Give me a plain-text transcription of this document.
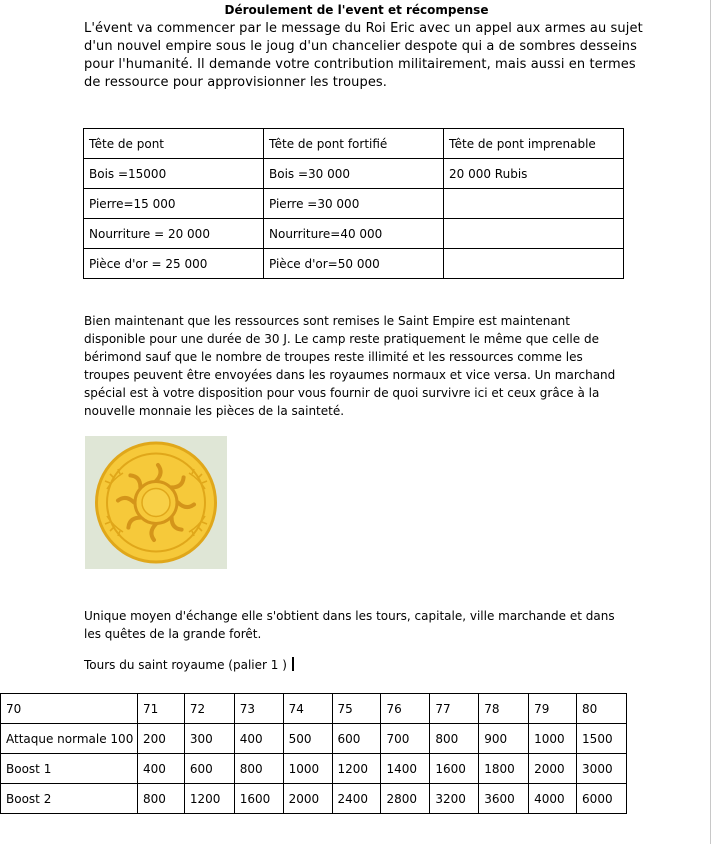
Déroulement de l'event et récompense
L'évent va commencer par le message du Roi Eric avec un appel aux armes au sujet d'un nouvel empire sous le joug d'un chancelier despote qui a de sombres desseins pour l'humanité. Il demande votre contribution militairement, mais aussi en termes de ressource pour approvisionner les troupes.
Tête de pont	Tête de pont fortifié	Tête de pont imprenable
Bois =15000	Bois =30 000	20 000 Rubis
Pierre=15 000	Pierre =30 000	
Nourriture = 20 000	Nourriture=40 000	
Pièce d'or = 25 000	Pièce d'or=50 000	
Bien maintenant que les ressources sont remises le Saint Empire est maintenant disponible pour une durée de 30 J. Le camp reste pratiquement le même que celle de bérimond sauf que le nombre de troupes reste illimité et les ressources comme les troupes peuvent être envoyées dans les royaumes normaux et vice versa. Un marchand spécial est à votre disposition pour vous fournir de quoi survivre ici et ceux grâce à la nouvelle monnaie les pièces de la sainteté.
Unique moyen d'échange elle s'obtient dans les tours, capitale, ville marchande et dans les quêtes de la grande forêt.
Tours du saint royaume (palier 1 )
70	71	72	73	74	75	76	77	78	79	80
Attaque normale 100	200	300	400	500	600	700	800	900	1000	1500
Boost 1	400	600	800	1000	1200	1400	1600	1800	2000	3000
Boost 2	800	1200	1600	2000	2400	2800	3200	3600	4000	6000
